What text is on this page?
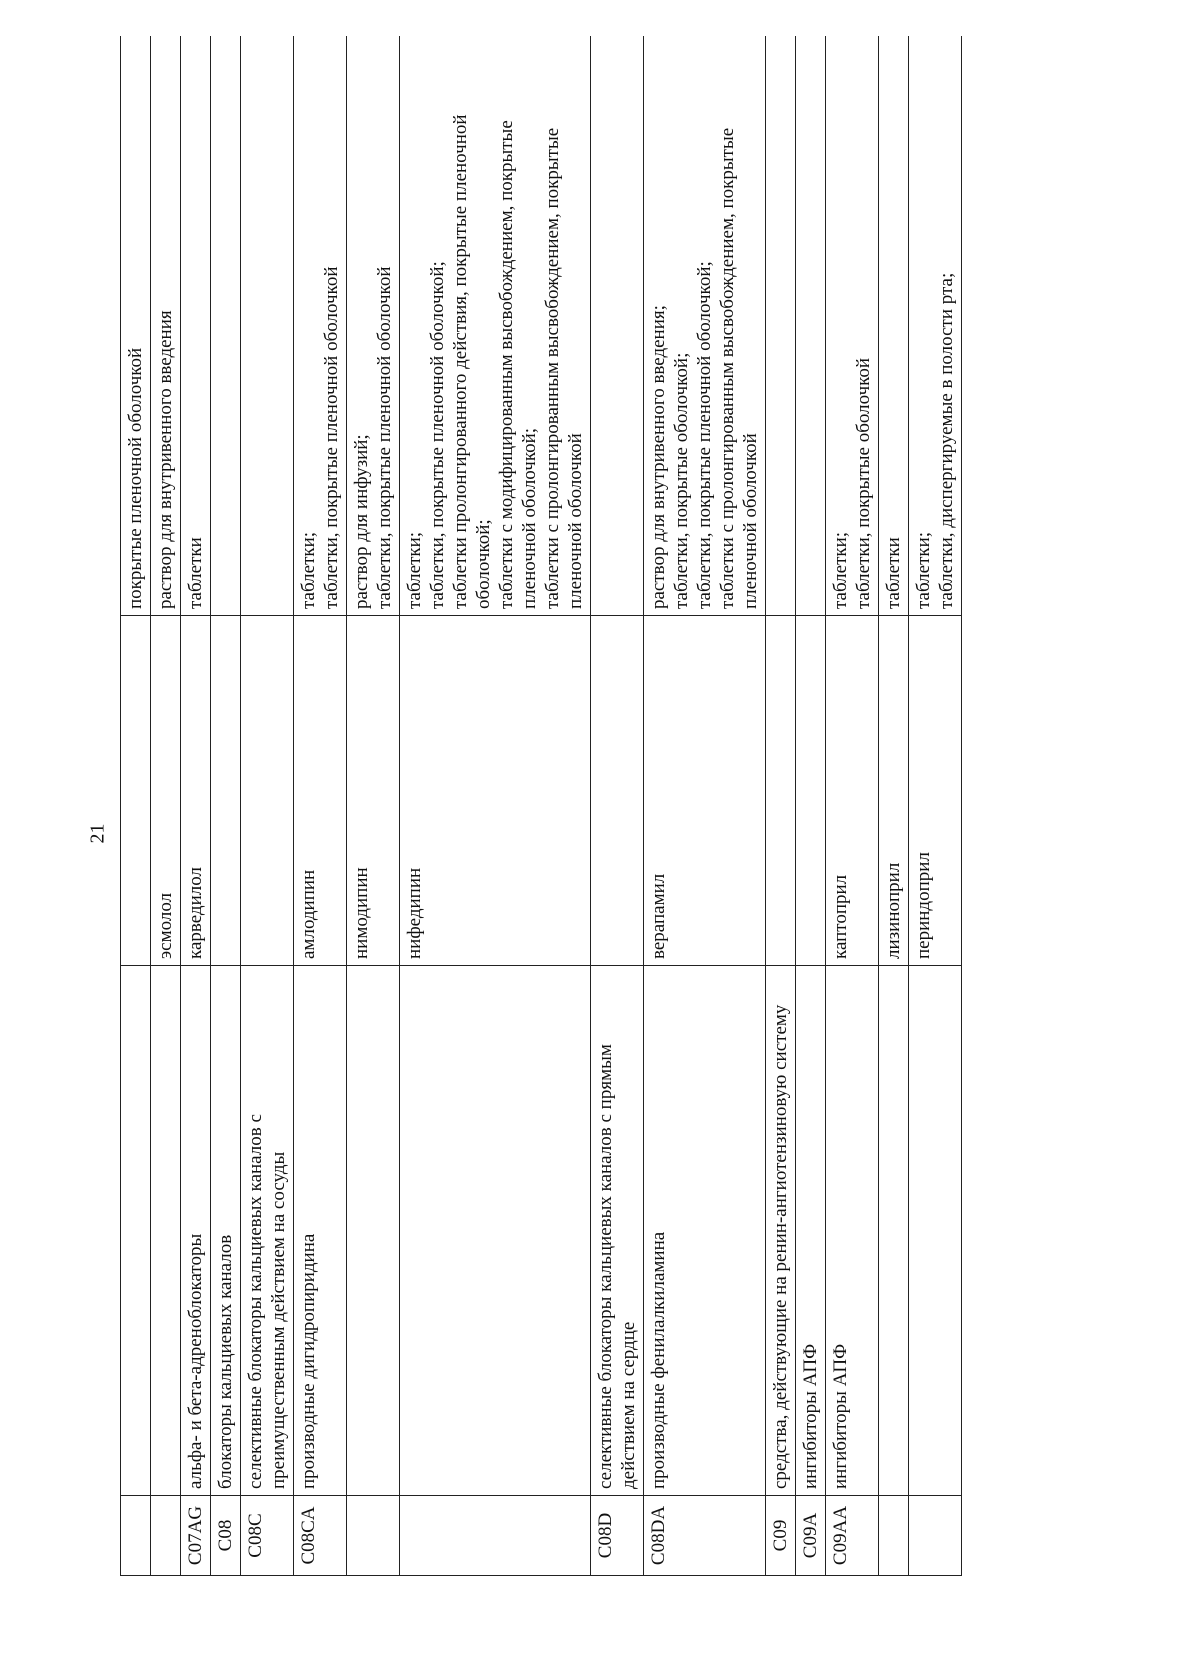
21

			покрытые пленочной оболочкой

		эсмолол	раствор для внутривенного введения

C07AG	альфа- и бета-адреноблокаторы	карведилол	таблетки

C08	блокаторы кальциевых каналов		
C08C	селективные блокаторы кальциевых каналов с преимущественным действием на сосуды		
C08CA	производные дигидропиридина	амлодипин	таблетки; таблетки, покрытые пленочной оболочкой

		нимодипин	раствор для инфузий; таблетки, покрытые пленочной оболочкой

		нифедипин	таблетки; таблетки, покрытые пленочной оболочкой; таблетки пролонгированного действия, покрытые пленочной оболочкой; таблетки с модифицированным высвобождением, покрытые пленочной оболочкой; таблетки с пролонгированным высвобождением, покрытые пленочной оболочкой

C08D	селективные блокаторы кальциевых каналов с прямым действием на сердце		
C08DA	производные фенилалкиламина	верапамил	раствор для внутривенного введения; таблетки, покрытые оболочкой; таблетки, покрытые пленочной оболочкой; таблетки с пролонгированным высвобождением, покрытые пленочной оболочкой

C09	средства, действующие на ренин-ангиотензиновую систему		
C09A	ингибиторы АПФ		
C09AA	ингибиторы АПФ	каптоприл	таблетки; таблетки, покрытые оболочкой

		лизиноприл	таблетки

		периндоприл	таблетки; таблетки, диспергируемые в полости рта;
